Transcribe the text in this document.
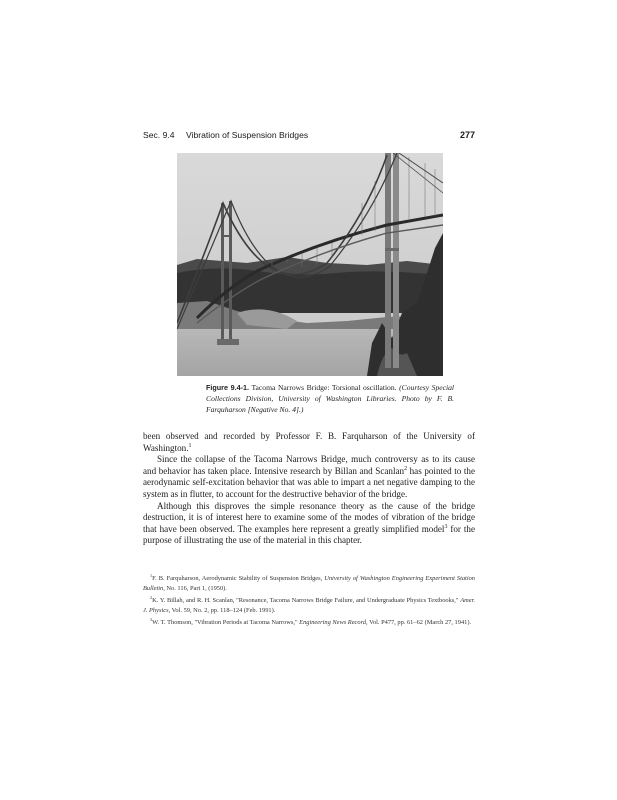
Sec. 9.4 Vibration of Suspension Bridges	277
Figure 9.4-1. Tacoma Narrows Bridge: Torsional oscillation. (Courtesy Special Collections Division, University of Washington Libraries. Photo by F. B. Farquharson [Negative No. 4].)

been observed and recorded by Professor F. B. Farquharson of the University of Washington.$^1$

Since the collapse of the Tacoma Narrows Bridge, much controversy as to its cause and behavior has taken place. Intensive research by Billan and Scanlan$^2$ has pointed to the aerodynamic self-excitation behavior that was able to impart a net negative damping to the system as in flutter, to account for the destructive behavior of the bridge.

Although this disproves the simple resonance theory as the cause of the bridge destruction, it is of interest here to examine some of the modes of vibration of the bridge that have been observed. The examples here represent a greatly simplified model$^3$ for the purpose of illustrating the use of the material in this chapter.

$^1$F. B. Farquharson, Aerodynamic Stability of Suspension Bridges, University of Washington Engineering Experiment Station Bulletin, No. 116, Part 1, (1950).

$^2$K. Y. Billah, and R. H. Scanlan, "Resonance, Tacoma Narrows Bridge Failure, and Undergraduate Physics Textbooks," Amer. J. Physics, Vol. 59, No. 2, pp. 118–124 (Feb. 1991).

$^3$W. T. Thomson, "Vibration Periods at Tacoma Narrows," Engineering News Record, Vol. P477, pp. 61–62 (March 27, 1941).
